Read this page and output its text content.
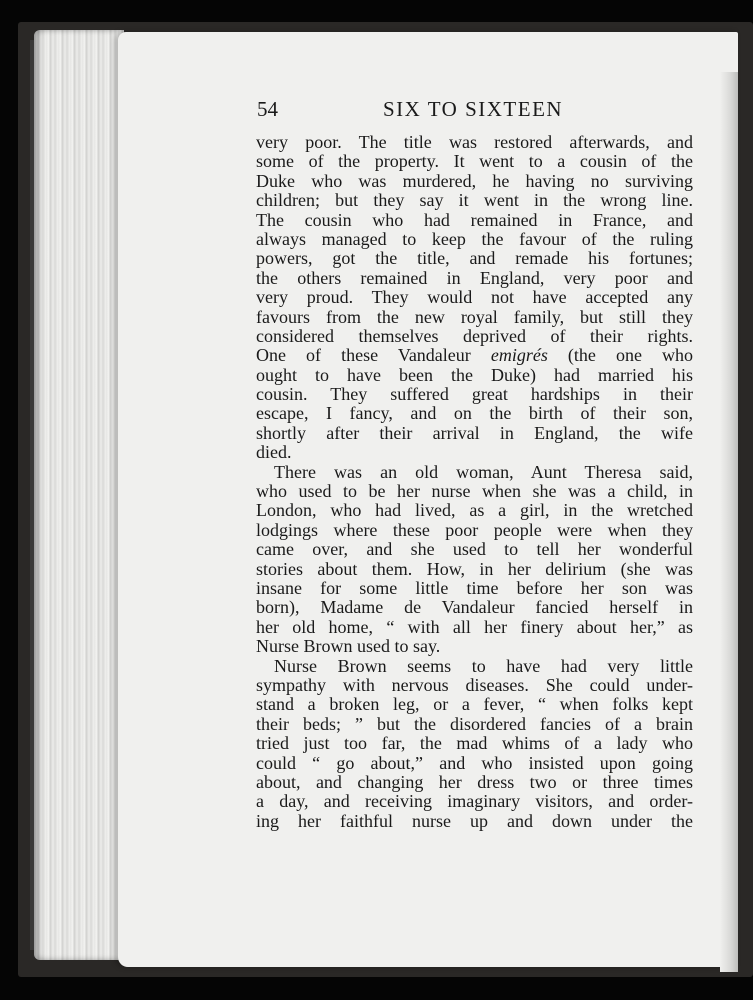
54	SIX TO SIXTEEN
very poor. The title was restored afterwards, and
some of the property. It went to a cousin of the
Duke who was murdered, he having no surviving
children; but they say it went in the wrong line.
The cousin who had remained in France, and
always managed to keep the favour of the ruling
powers, got the title, and remade his fortunes;
the others remained in England, very poor and
very proud. They would not have accepted any
favours from the new royal family, but still they
considered themselves deprived of their rights.
One of these Vandaleur emigrés (the one who
ought to have been the Duke) had married his
cousin. They suffered great hardships in their
escape, I fancy, and on the birth of their son,
shortly after their arrival in England, the wife
died.
There was an old woman, Aunt Theresa said,
who used to be her nurse when she was a child, in
London, who had lived, as a girl, in the wretched
lodgings where these poor people were when they
came over, and she used to tell her wonderful
stories about them. How, in her delirium (she was
insane for some little time before her son was
born), Madame de Vandaleur fancied herself in
her old home, “ with all her finery about her,” as
Nurse Brown used to say.
Nurse Brown seems to have had very little
sympathy with nervous diseases. She could under-
stand a broken leg, or a fever, “ when folks kept
their beds; ” but the disordered fancies of a brain
tried just too far, the mad whims of a lady who
could “ go about,” and who insisted upon going
about, and changing her dress two or three times
a day, and receiving imaginary visitors, and order-
ing her faithful nurse up and down under the
